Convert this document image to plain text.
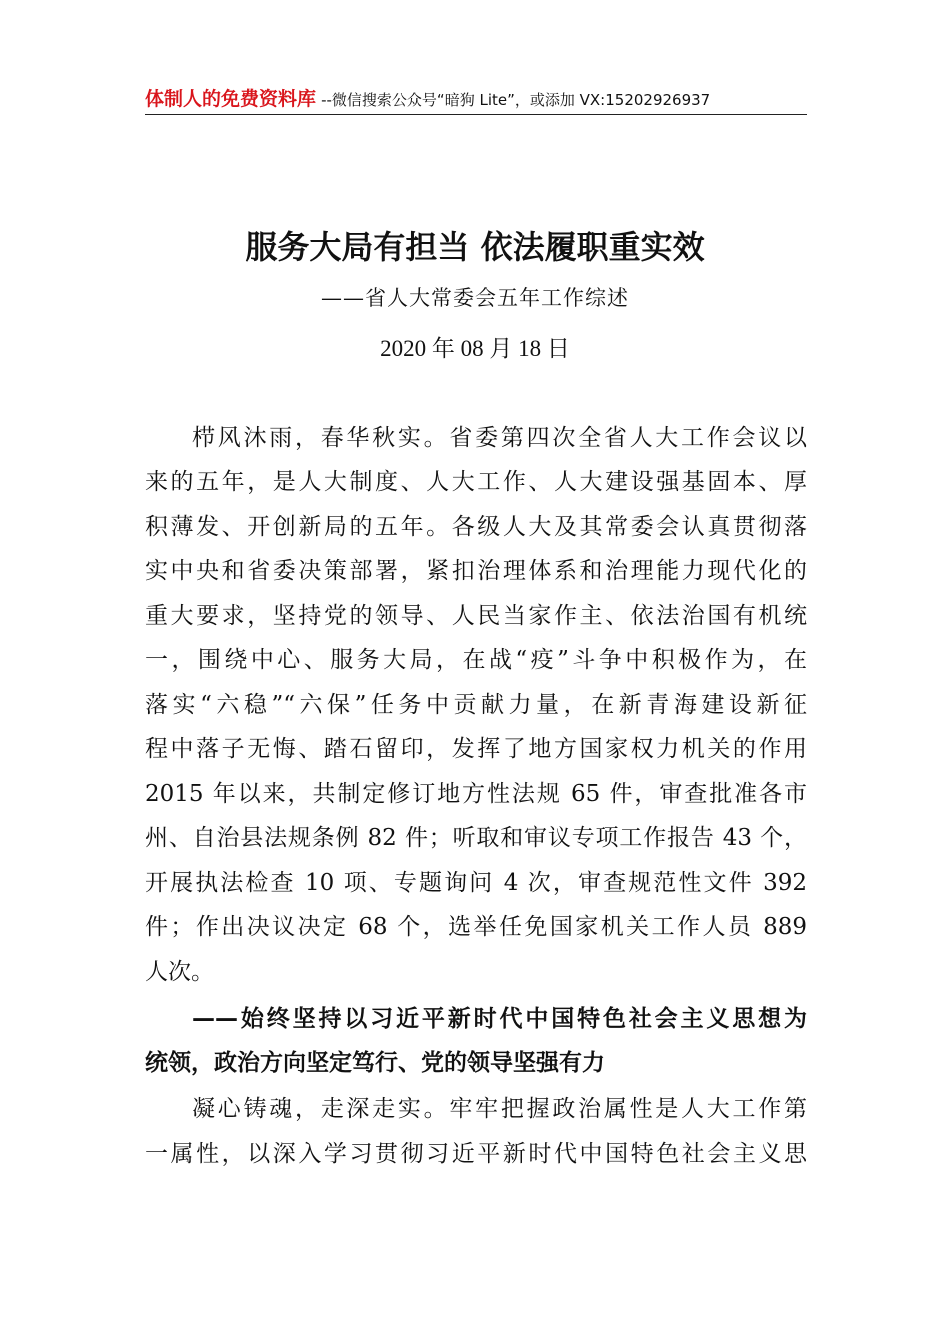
体制人的免费资料库 --微信搜索公众号“暗狗 Lite”，或添加 VX:15202926937
服务大局有担当 依法履职重实效
——省人大常委会五年工作综述
2020 年 08 月 18 日
栉风沐雨，春华秋实。省委第四次全省人大工作会议以
来的五年，是人大制度、人大工作、人大建设强基固本、厚
积薄发、开创新局的五年。各级人大及其常委会认真贯彻落
实中央和省委决策部署，紧扣治理体系和治理能力现代化的
重大要求，坚持党的领导、人民当家作主、依法治国有机统
一，围绕中心、服务大局，在战“疫”斗争中积极作为，在
落实“六稳”“六保”任务中贡献力量，在新青海建设新征
程中落子无悔、踏石留印，发挥了地方国家权力机关的作用
2015 年以来，共制定修订地方性法规 65 件，审查批准各市
州、自治县法规条例 82 件；听取和审议专项工作报告 43 个，
开展执法检查 10 项、专题询问 4 次，审查规范性文件 392
件；作出决议决定 68 个，选举任免国家机关工作人员 889
人次。
——始终坚持以习近平新时代中国特色社会主义思想为
统领，政治方向坚定笃行、党的领导坚强有力
凝心铸魂，走深走实。牢牢把握政治属性是人大工作第
一属性，以深入学习贯彻习近平新时代中国特色社会主义思
